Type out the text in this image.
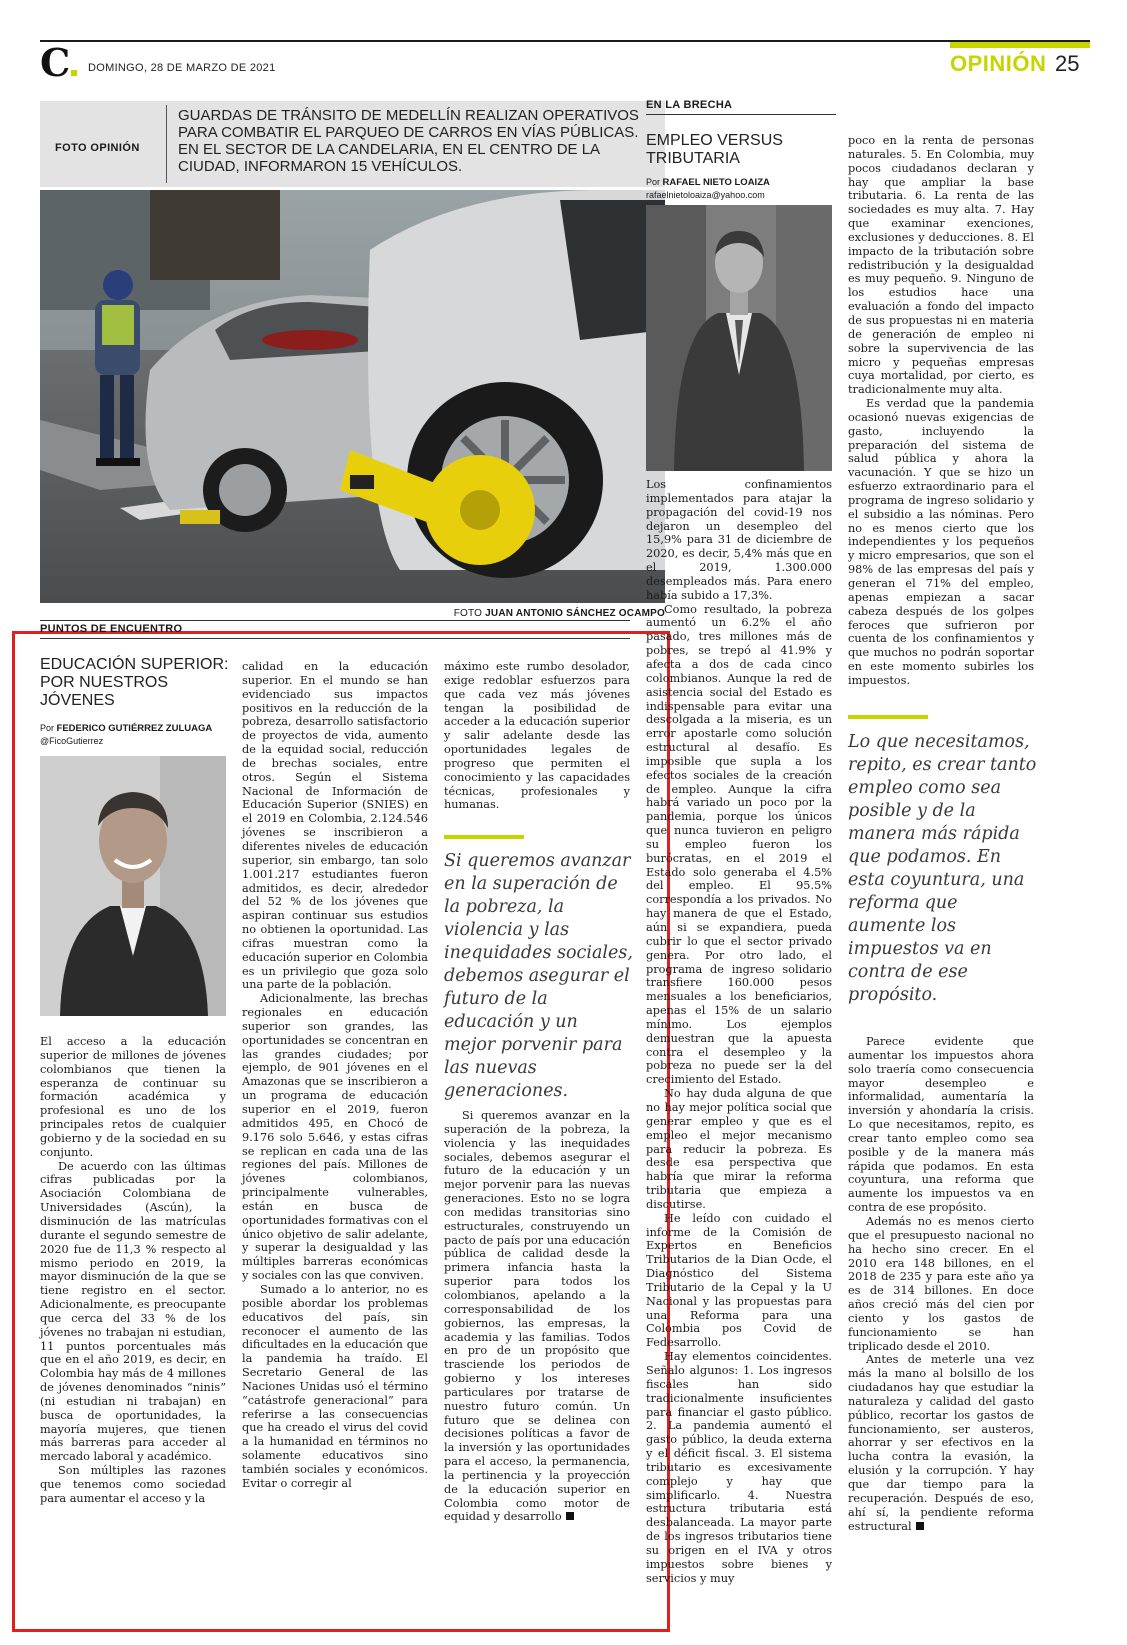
C	DOMINGO, 28 DE MARZO DE 2021	OPINIÓN 25
FOTO OPINIÓN
GUARDAS DE TRÁNSITO DE MEDELLÍN REALIZAN OPERATIVOS PARA COMBATIR EL PARQUEO DE CARROS EN VÍAS PÚBLICAS. EN EL SECTOR DE LA CANDELARIA, EN EL CENTRO DE LA CIUDAD, INFORMARON 15 VEHÍCULOS.
FOTO JUAN ANTONIO SÁNCHEZ OCAMPO
PUNTOS DE ENCUENTRO
EDUCACIÓN SUPERIOR: POR NUESTROS JÓVENES
Por FEDERICO GUTIÉRREZ ZULUAGA
@FicoGutierrez

El acceso a la educación superior de millones de jóvenes colombianos que tienen la esperanza de continuar su formación académica y profesional es uno de los principales retos de cualquier gobierno y de la sociedad en su conjunto.

De acuerdo con las últimas cifras publicadas por la Asociación Colombiana de Universidades (Ascún), la disminución de las matrículas durante el segundo semestre de 2020 fue de 11,3 % respecto al mismo periodo en 2019, la mayor disminución de la que se tiene registro en el sector. Adicionalmente, es preocupante que cerca del 33 % de los jóvenes no trabajan ni estudian, 11 puntos porcentuales más que en el año 2019, es decir, en Colombia hay más de 4 millones de jóvenes denominados “ninis” (ni estudian ni trabajan) en busca de oportunidades, la mayoría mujeres, que tienen más barreras para acceder al mercado laboral y académico.

Son múltiples las razones que tenemos como sociedad para aumentar el acceso y la

calidad en la educación superior. En el mundo se han evidenciado sus impactos positivos en la reducción de la pobreza, desarrollo satisfactorio de proyectos de vida, aumento de la equidad social, reducción de brechas sociales, entre otros. Según el Sistema Nacional de Información de Educación Superior (SNIES) en el 2019 en Colombia, 2.124.546 jóvenes se inscribieron a diferentes niveles de educación superior, sin embargo, tan solo 1.001.217 estudiantes fueron admitidos, es decir, alrededor del 52 % de los jóvenes que aspiran continuar sus estudios no obtienen la oportunidad. Las cifras muestran como la educación superior en Colombia es un privilegio que goza solo una parte de la población.

Adicionalmente, las brechas regionales en educación superior son grandes, las oportunidades se concentran en las grandes ciudades; por ejemplo, de 901 jóvenes en el Amazonas que se inscribieron a un programa de educación superior en el 2019, fueron admitidos 495, en Chocó de 9.176 solo 5.646, y estas cifras se replican en cada una de las regiones del país. Millones de jóvenes colombianos, principalmente vulnerables, están en busca de oportunidades formativas con el único objetivo de salir adelante, y superar la desigualdad y las múltiples barreras económicas y sociales con las que conviven.

Sumado a lo anterior, no es posible abordar los problemas educativos del país, sin reconocer el aumento de las dificultades en la educación que la pandemia ha traído. El Secretario General de las Naciones Unidas usó el término “catástrofe generacional” para referirse a las consecuencias que ha creado el virus del covid a la humanidad en términos no solamente educativos sino también sociales y económicos. Evitar o corregir al

máximo este rumbo desolador, exige redoblar esfuerzos para que cada vez más jóvenes tengan la posibilidad de acceder a la educación superior y salir adelante desde las oportunidades legales de progreso que permiten el conocimiento y las capacidades técnicas, profesionales y humanas.

Si queremos avanzar en la superación de la pobreza, la violencia y las inequidades sociales, debemos asegurar el futuro de la educación y un mejor porvenir para las nuevas generaciones.

Si queremos avanzar en la superación de la pobreza, la violencia y las inequidades sociales, debemos asegurar el futuro de la educación y un mejor porvenir para las nuevas generaciones. Esto no se logra con medidas transitorias sino estructurales, construyendo un pacto de país por una educación pública de calidad desde la primera infancia hasta la superior para todos los colombianos, apelando a la corresponsabilidad de los gobiernos, las empresas, la academia y las familias. Todos en pro de un propósito que trasciende los periodos de gobierno y los intereses particulares por tratarse de nuestro futuro común. Un futuro que se delinea con decisiones políticas a favor de la inversión y las oportunidades para el acceso, la permanencia, la pertinencia y la proyección de la educación superior en Colombia como motor de equidad y desarrollo

EN LA BRECHA
EMPLEO VERSUS TRIBUTARIA
Por RAFAEL NIETO LOAIZA
rafaelnietoloaiza@yahoo.com

Los confinamientos implementados para atajar la propagación del covid-19 nos dejaron un desempleo del 15,9% para 31 de diciembre de 2020, es decir, 5,4% más que en el 2019, 1.300.000 desempleados más. Para enero había subido a 17,3%.

Como resultado, la pobreza aumentó un 6.2% el año pasado, tres millones más de pobres, se trepó al 41.9% y afecta a dos de cada cinco colombianos. Aunque la red de asistencia social del Estado es indispensable para evitar una descolgada a la miseria, es un error apostarle como solución estructural al desafío. Es imposible que supla a los efectos sociales de la creación de empleo. Aunque la cifra habrá variado un poco por la pandemia, porque los únicos que nunca tuvieron en peligro su empleo fueron los burócratas, en el 2019 el Estado solo generaba el 4.5% del empleo. El 95.5% correspondía a los privados. No hay manera de que el Estado, aún si se expandiera, pueda cubrir lo que el sector privado genera. Por otro lado, el programa de ingreso solidario transfiere 160.000 pesos mensuales a los beneficiarios, apenas el 15% de un salario mínimo. Los ejemplos demuestran que la apuesta contra el desempleo y la pobreza no puede ser la del crecimiento del Estado.

No hay duda alguna de que no hay mejor política social que generar empleo y que es el empleo el mejor mecanismo para reducir la pobreza. Es desde esa perspectiva que habría que mirar la reforma tributaria que empieza a discutirse.

He leído con cuidado el informe de la Comisión de Expertos en Beneficios Tributarios de la Dian Ocde, el Diagnóstico del Sistema Tributario de la Cepal y la U Nacional y las propuestas para una Reforma para una Colombia pos Covid de Fedesarrollo.

Hay elementos coincidentes. Señalo algunos: 1. Los ingresos fiscales han sido tradicionalmente insuficientes para financiar el gasto público. 2. La pandemia aumentó el gasto público, la deuda externa y el déficit fiscal. 3. El sistema tributario es excesivamente complejo y hay que simplificarlo. 4. Nuestra estructura tributaria está desbalanceada. La mayor parte de los ingresos tributarios tiene su origen en el IVA y otros impuestos sobre bienes y servicios y muy

poco en la renta de personas naturales. 5. En Colombia, muy pocos ciudadanos declaran y hay que ampliar la base tributaria. 6. La renta de las sociedades es muy alta. 7. Hay que examinar exenciones, exclusiones y deducciones. 8. El impacto de la tributación sobre redistribución y la desigualdad es muy pequeño. 9. Ninguno de los estudios hace una evaluación a fondo del impacto de sus propuestas ni en materia de generación de empleo ni sobre la supervivencia de las micro y pequeñas empresas cuya mortalidad, por cierto, es tradicionalmente muy alta.

Es verdad que la pandemia ocasionó nuevas exigencias de gasto, incluyendo la preparación del sistema de salud pública y ahora la vacunación. Y que se hizo un esfuerzo extraordinario para el programa de ingreso solidario y el subsidio a las nóminas. Pero no es menos cierto que los independientes y los pequeños y micro empresarios, que son el 98% de las empresas del país y generan el 71% del empleo, apenas empiezan a sacar cabeza después de los golpes feroces que sufrieron por cuenta de los confinamientos y que muchos no podrán soportar en este momento subirles los impuestos.

Lo que necesitamos, repito, es crear tanto empleo como sea posible y de la manera más rápida que podamos. En esta coyuntura, una reforma que aumente los impuestos va en contra de ese propósito.

Parece evidente que aumentar los impuestos ahora solo traería como consecuencia mayor desempleo e informalidad, aumentaría la inversión y ahondaría la crisis. Lo que necesitamos, repito, es crear tanto empleo como sea posible y de la manera más rápida que podamos. En esta coyuntura, una reforma que aumente los impuestos va en contra de ese propósito.

Además no es menos cierto que el presupuesto nacional no ha hecho sino crecer. En el 2010 era 148 billones, en el 2018 de 235 y para este año ya es de 314 billones. En doce años creció más del cien por ciento y los gastos de funcionamiento se han triplicado desde el 2010.

Antes de meterle una vez más la mano al bolsillo de los ciudadanos hay que estudiar la naturaleza y calidad del gasto público, recortar los gastos de funcionamiento, ser austeros, ahorrar y ser efectivos en la lucha contra la evasión, la elusión y la corrupción. Y hay que dar tiempo para la recuperación. Después de eso, ahí sí, la pendiente reforma estructural
